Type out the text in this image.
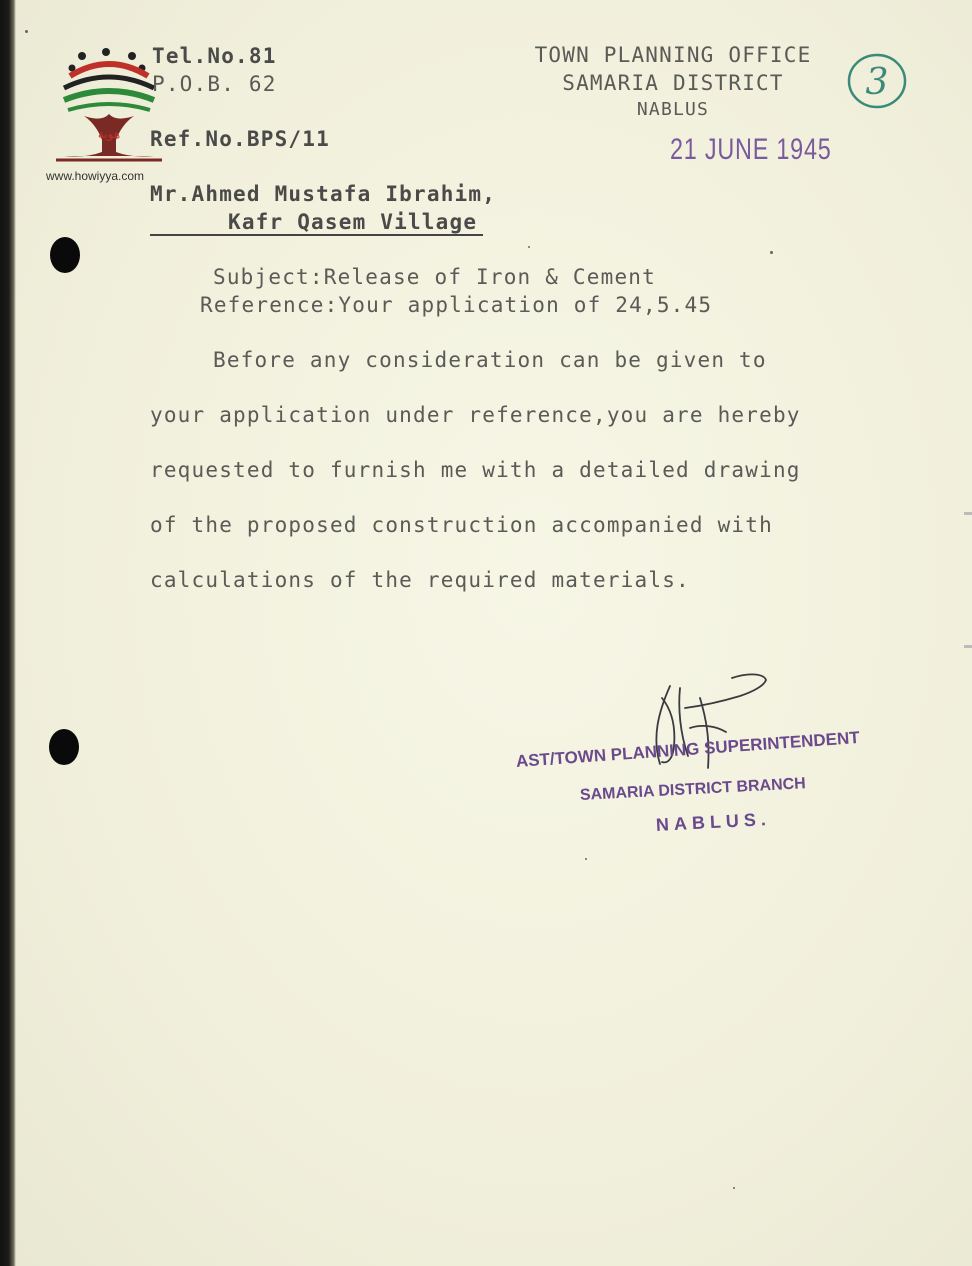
هوية
www.howiyya.com
Tel.No.81
P.O.B. 62
Ref.No.BPS/11
TOWN PLANNING OFFICE
SAMARIA DISTRICT
NABLUS
3
21 JUNE 1945
Mr.Ahmed Mustafa Ibrahim,
Kafr Qasem Village
Subject:Release of Iron & Cement
Reference:Your application of 24,5.45
Before any consideration can be given to
your application under reference,you are hereby
requested to furnish me with a detailed drawing
of the proposed construction accompanied with
calculations of the required materials.
AST/TOWN PLANNING SUPERINTENDENT
SAMARIA DISTRICT BRANCH
NABLUS.
